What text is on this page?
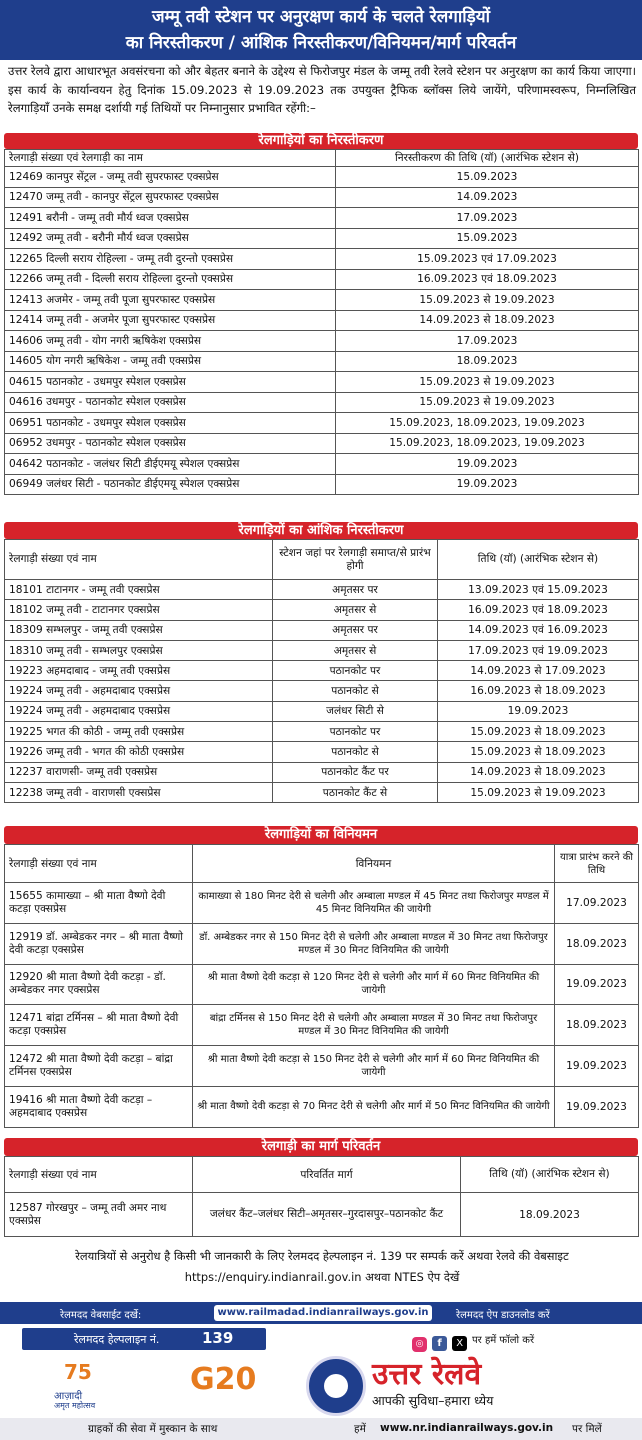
जम्मू तवी स्टेशन पर अनुरक्षण कार्य के चलते रेलगाड़ियों
का निरस्तीकरण / आंशिक निरस्तीकरण/विनियमन/मार्ग परिवर्तन
उत्तर रेलवे द्वारा आधारभूत अवसंरचना को और बेहतर बनाने के उद्देश्य से फिरोजपुर मंडल के जम्मू तवी रेलवे स्टेशन पर अनुरक्षण का कार्य किया जाएगा। इस कार्य के कार्यान्वयन हेतु दिनांक 15.09.2023 से 19.09.2023 तक उपयुक्त ट्रैफिक ब्लॉक्स लिये जायेंगे, परिणामस्वरूप, निम्नलिखित रेलगाड़ियाँ उनके समक्ष दर्शायी गई तिथियों पर निम्नानुसार प्रभावित रहेंगी:–
रेलगाड़ियों का निरस्तीकरण
रेलगाड़ी संख्या एवं रेलगाड़ी का नाम	निरस्तीकरण की तिथि (यॉ) (आरंभिक स्टेशन से)
12469 कानपुर सेंट्रल - जम्मू तवी सुपरफास्ट एक्सप्रेस	15.09.2023
12470 जम्मू तवी - कानपुर सेंट्रल सुपरफास्ट एक्सप्रेस	14.09.2023
12491 बरौनी - जम्मू तवी मौर्य ध्वज एक्सप्रेस	17.09.2023
12492 जम्मू तवी - बरौनी मौर्य ध्वज एक्सप्रेस	15.09.2023
12265 दिल्ली सराय रोहिल्ला - जम्मू तवी दुरन्तो एक्सप्रेस	15.09.2023 एवं 17.09.2023
12266 जम्मू तवी - दिल्ली सराय रोहिल्ला दुरन्तो एक्सप्रेस	16.09.2023 एवं 18.09.2023
12413 अजमेर - जम्मू तवी पूजा सुपरफास्ट एक्सप्रेस	15.09.2023 से 19.09.2023
12414 जम्मू तवी - अजमेर पूजा सुपरफास्ट एक्सप्रेस	14.09.2023 से 18.09.2023
14606 जम्मू तवी - योग नगरी ऋषिकेश एक्सप्रेस	17.09.2023
14605 योग नगरी ऋषिकेश - जम्मू तवी एक्सप्रेस	18.09.2023
04615 पठानकोट - उधमपुर स्पेशल एक्सप्रेस	15.09.2023 से 19.09.2023
04616 उधमपुर - पठानकोट स्पेशल एक्सप्रेस	15.09.2023 से 19.09.2023
06951 पठानकोट - उधमपुर स्पेशल एक्सप्रेस	15.09.2023, 18.09.2023, 19.09.2023
06952 उधमपुर - पठानकोट स्पेशल एक्सप्रेस	15.09.2023, 18.09.2023, 19.09.2023
04642 पठानकोट - जलंधर सिटी डीईएमयू स्पेशल एक्सप्रेस	19.09.2023
06949 जलंधर सिटी - पठानकोट डीईएमयू स्पेशल एक्सप्रेस	19.09.2023
रेलगाड़ियों का आंशिक निरस्तीकरण
रेलगाड़ी संख्या एवं नाम	स्टेशन जहां पर रेलगाड़ी समाप्त/से प्रारंभ होगी	तिथि (यॉ) (आरंभिक स्टेशन से)
18101 टाटानगर - जम्मू तवी एक्सप्रेस	अमृतसर पर	13.09.2023 एवं 15.09.2023
18102 जम्मू तवी - टाटानगर एक्सप्रेस	अमृतसर से	16.09.2023 एवं 18.09.2023
18309 सम्भलपुर - जम्मू तवी एक्सप्रेस	अमृतसर पर	14.09.2023 एवं 16.09.2023
18310 जम्मू तवी - सम्भलपुर एक्सप्रेस	अमृतसर से	17.09.2023 एवं 19.09.2023
19223 अहमदाबाद - जम्मू तवी एक्सप्रेस	पठानकोट पर	14.09.2023 से 17.09.2023
19224 जम्मू तवी - अहमदाबाद एक्सप्रेस	पठानकोट से	16.09.2023 से 18.09.2023
19224 जम्मू तवी - अहमदाबाद एक्सप्रेस	जलंधर सिटी से	19.09.2023
19225 भगत की कोठी - जम्मू तवी एक्सप्रेस	पठानकोट पर	15.09.2023 से 18.09.2023
19226 जम्मू तवी - भगत की कोठी एक्सप्रेस	पठानकोट से	15.09.2023 से 18.09.2023
12237 वाराणसी- जम्मू तवी एक्सप्रेस	पठानकोट कैंट पर	14.09.2023 से 18.09.2023
12238 जम्मू तवी - वाराणसी एक्सप्रेस	पठानकोट कैंट से	15.09.2023 से 19.09.2023
रेलगाड़ियों का विनियमन
रेलगाड़ी संख्या एवं नाम	विनियमन	यात्रा प्रारंभ करने की तिथि
15655 कामाख्या – श्री माता वैष्णो देवी कटड़ा एक्सप्रेस	कामाख्या से 180 मिनट देरी से चलेगी और अम्बाला मण्डल में 45 मिनट तथा फिरोजपुर मण्डल में 45 मिनट विनियमित की जायेगी	17.09.2023
12919 डॉ. अम्बेडकर नगर – श्री माता वैष्णो देवी कटड़ा एक्सप्रेस	डॉ. अम्बेडकर नगर से 150 मिनट देरी से चलेगी और अम्बाला मण्डल में 30 मिनट तथा फिरोजपुर मण्डल में 30 मिनट विनियमित की जायेगी	18.09.2023
12920 श्री माता वैष्णो देवी कटड़ा - डॉ. अम्बेडकर नगर एक्सप्रेस	श्री माता वैष्णो देवी कटड़ा से 120 मिनट देरी से चलेगी और मार्ग में 60 मिनट विनियमित की जायेगी	19.09.2023
12471 बांद्रा टर्मिनस – श्री माता वैष्णो देवी कटड़ा एक्सप्रेस	बांद्रा टर्मिनस से 150 मिनट देरी से चलेगी और अम्बाला मण्डल में 30 मिनट तथा फिरोजपुर मण्डल में 30 मिनट विनियमित की जायेगी	18.09.2023
12472 श्री माता वैष्णो देवी कटड़ा – बांद्रा टर्मिनस एक्सप्रेस	श्री माता वैष्णो देवी कटड़ा से 150 मिनट देरी से चलेगी और मार्ग में 60 मिनट विनियमित की जायेगी	19.09.2023
19416 श्री माता वैष्णो देवी कटड़ा – अहमदाबाद एक्सप्रेस	श्री माता वैष्णो देवी कटड़ा से 70 मिनट देरी से चलेगी और मार्ग में 50 मिनट विनियमित की जायेगी	19.09.2023
रेलगाड़ी का मार्ग परिवर्तन
रेलगाड़ी संख्या एवं नाम	परिवर्तित मार्ग	तिथि (यॉ) (आरंभिक स्टेशन से)
12587 गोरखपुर – जम्मू तवी अमर नाथ एक्सप्रेस	जलंधर कैंट–जलंधर सिटी–अमृतसर–गुरदासपुर–पठानकोट कैंट	18.09.2023
रेलयात्रियों से अनुरोध है किसी भी जानकारी के लिए रेलमदद हेल्पलाइन नं. 139 पर सम्पर्क करें अथवा रेलवे की वेबसाइट https://enquiry.indianrail.gov.in अथवा NTES ऐप देखें
रेलमदद वेबसाईट दर्खे:	www.railmadad.indianrailways.gov.in	रेलमदद ऐप डाउनलोड करें
रेलमदद हेल्पलाइन नं.	139	◎ f X पर हमें फॉलो करें
75
आज़ादी
अमृत महोत्सव
G20	उत्तर रेलवे
आपकी सुविधा–हमारा ध्येय
ग्राहकों की सेवा में मुस्कान के साथ	हमें www.nr.indianrailways.gov.in पर मिलें
